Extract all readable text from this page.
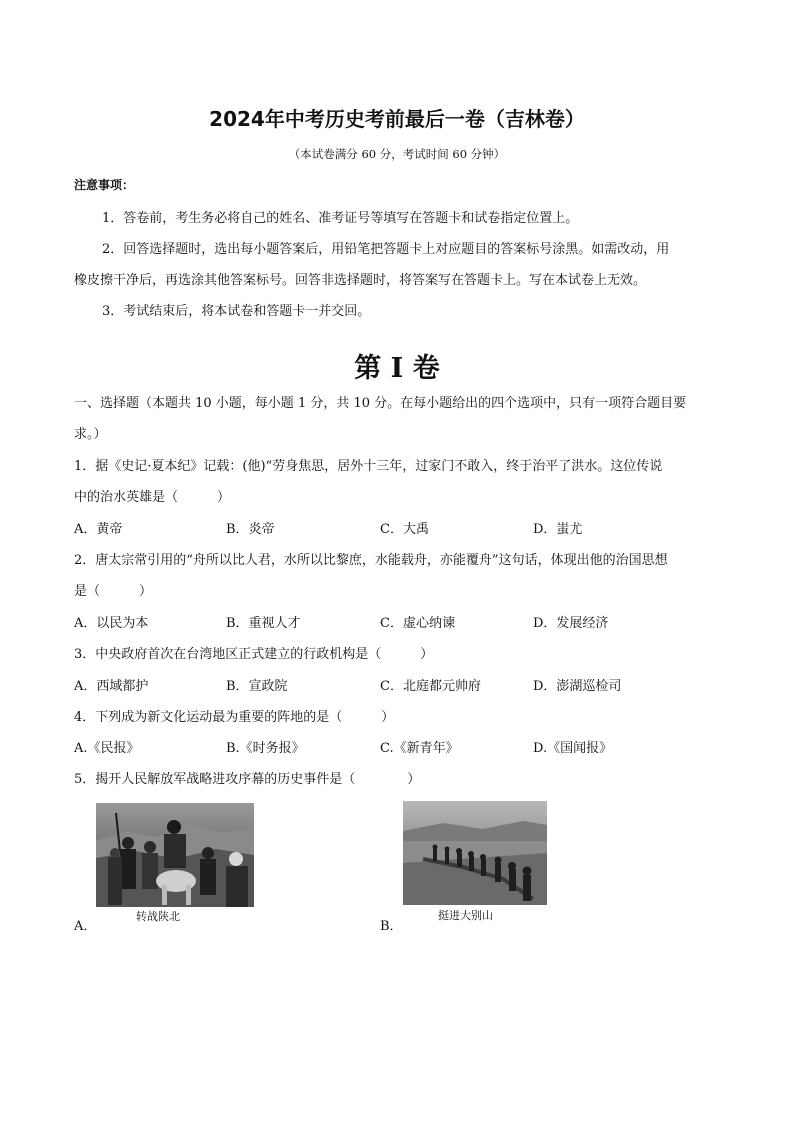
2024年中考历史考前最后一卷（吉林卷）
（本试卷满分 60 分，考试时间 60 分钟）
注意事项：
1．答卷前，考生务必将自己的姓名、准考证号等填写在答题卡和试卷指定位置上。
2．回答选择题时，选出每小题答案后，用铅笔把答题卡上对应题目的答案标号涂黑。如需改动，用
橡皮擦干净后，再选涂其他答案标号。回答非选择题时，将答案写在答题卡上。写在本试卷上无效。
3．考试结束后，将本试卷和答题卡一并交回。
第 I 卷
一、选择题（本题共 10 小题，每小题 1 分，共 10 分。在每小题给出的四个选项中，只有一项符合题目要
求。）
1．据《史记·夏本纪》记载：(他)“劳身焦思，居外十三年，过家门不敢入，终于治平了洪水。这位传说
中的治水英雄是（　　　）
A．黄帝	B．炎帝	C．大禹	D．蚩尤
2．唐太宗常引用的“舟所以比人君，水所以比黎庶，水能载舟，亦能覆舟”这句话，体现出他的治国思想
是（　　　）
A．以民为本	B．重视人才	C．虚心纳谏	D．发展经济
3．中央政府首次在台湾地区正式建立的行政机构是（　　　）
A．西域都护	B．宣政院	C．北庭都元帅府	D．澎湖巡检司
4．下列成为新文化运动最为重要的阵地的是（　　　）
A.《民报》	B.《时务报》	C.《新青年》	D.《国闻报》
5．揭开人民解放军战略进攻序幕的历史事件是（　　　　）
A．
转战陕北
B．
挺进大别山
